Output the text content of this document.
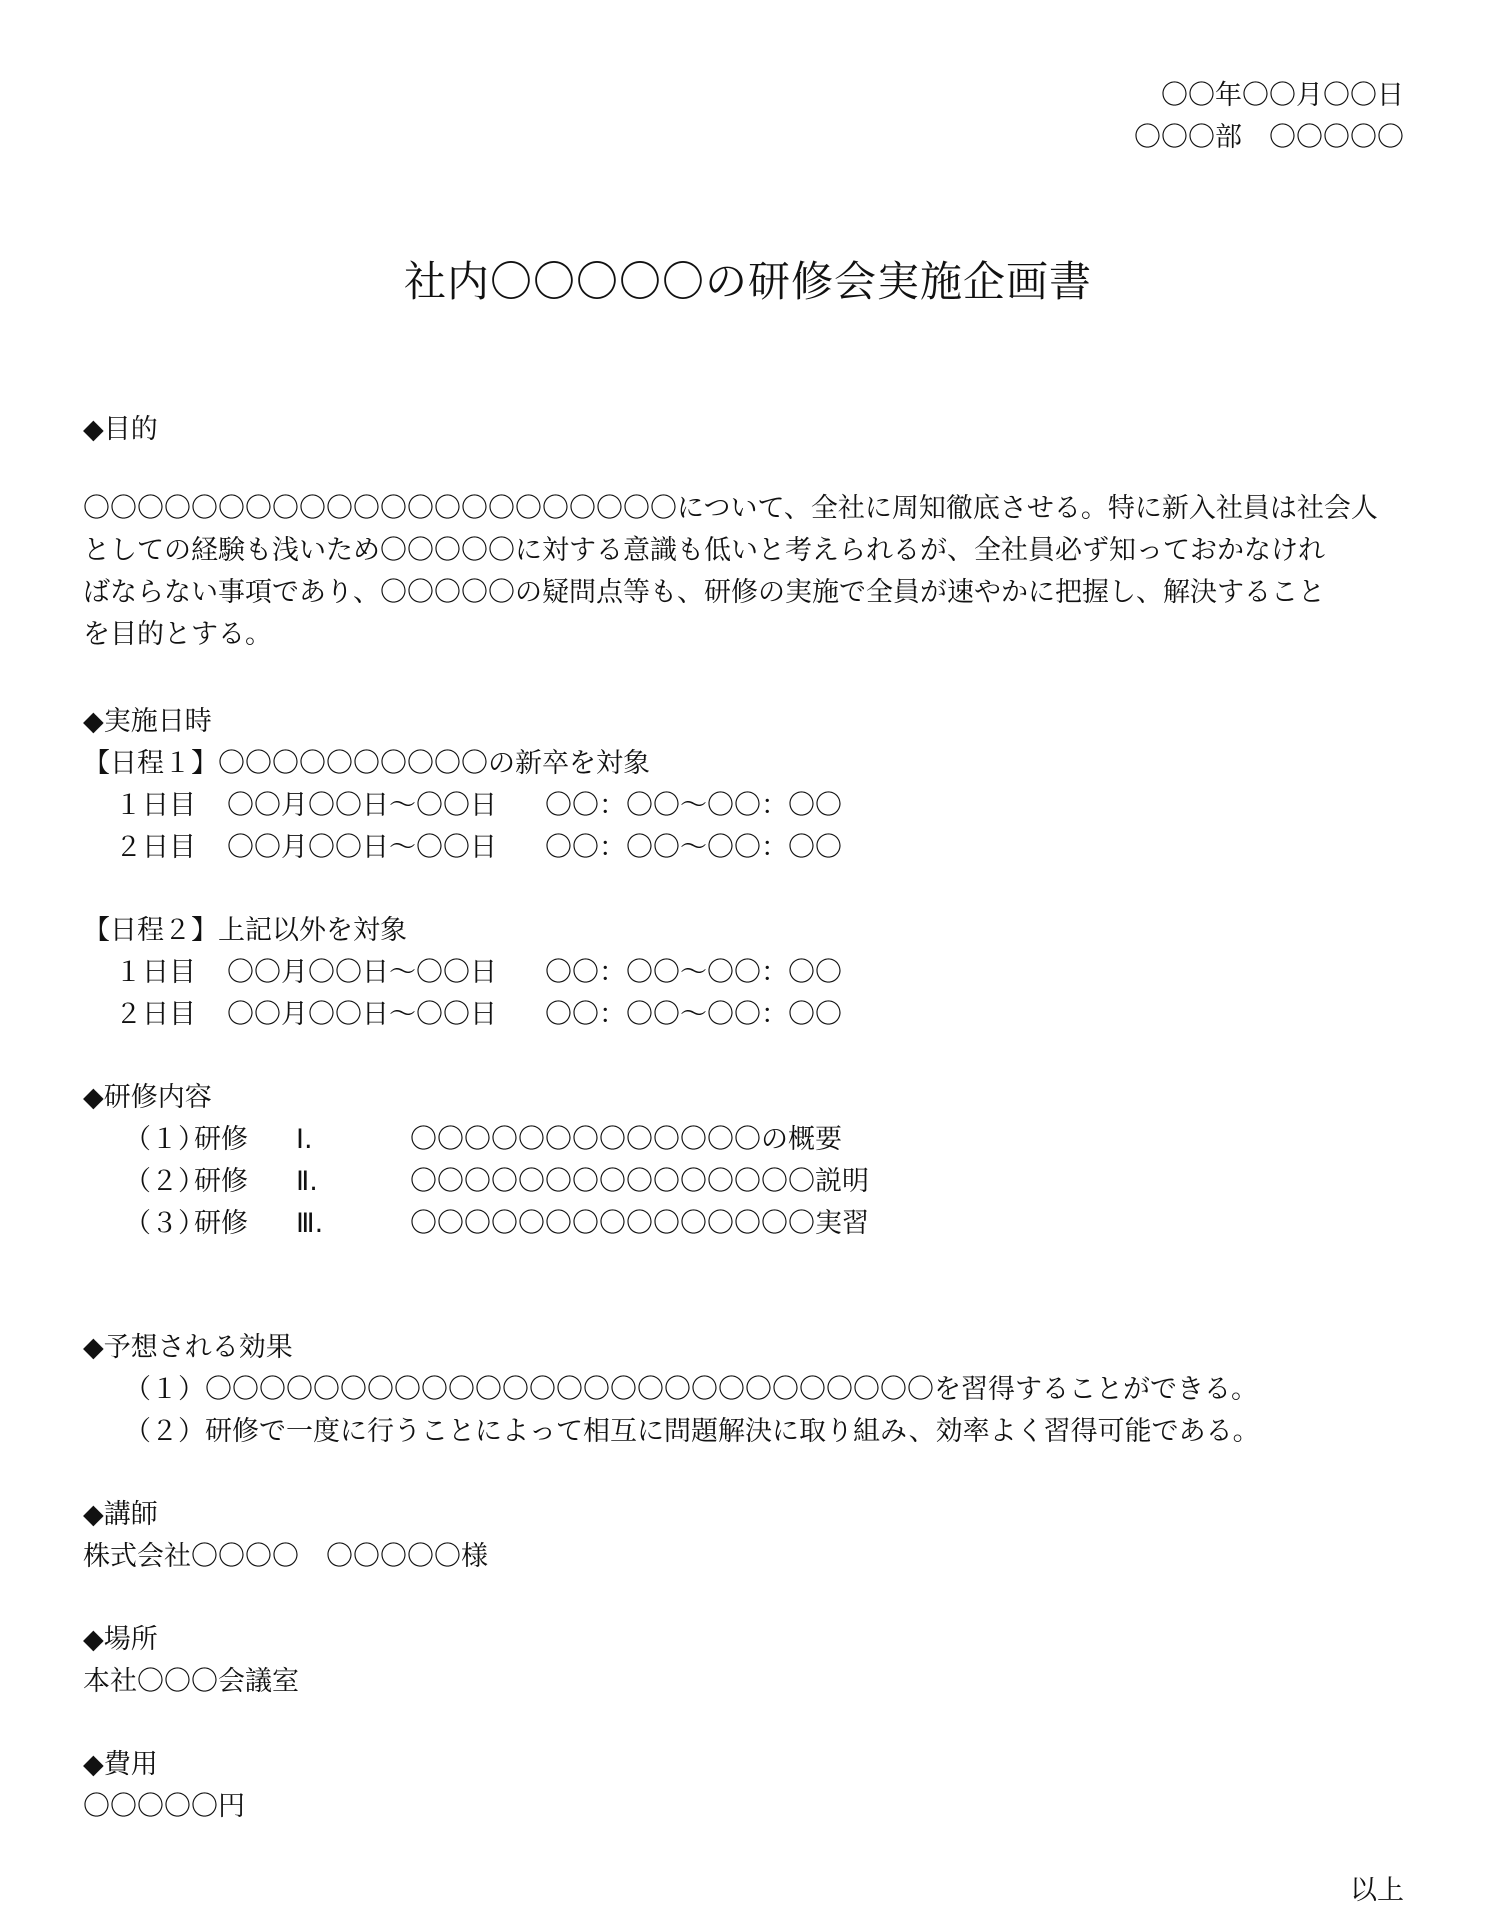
〇〇年〇〇月〇〇日
〇〇〇部　〇〇〇〇〇
社内〇〇〇〇〇の研修会実施企画書
◆目的
〇〇〇〇〇〇〇〇〇〇〇〇〇〇〇〇〇〇〇〇〇〇について、全社に周知徹底させる。特に新入社員は社会人
としての経験も浅いため〇〇〇〇〇に対する意識も低いと考えられるが、全社員必ず知っておかなけれ
ばならない事項であり、〇〇〇〇〇の疑問点等も、研修の実施で全員が速やかに把握し、解決すること
を目的とする。
◆実施日時
【日程１】〇〇〇〇〇〇〇〇〇〇の新卒を対象
１日目 〇〇月〇〇日～〇〇日 〇〇：〇〇～〇〇：〇〇
２日目 〇〇月〇〇日～〇〇日 〇〇：〇〇～〇〇：〇〇
【日程２】上記以外を対象
１日目 〇〇月〇〇日～〇〇日 〇〇：〇〇～〇〇：〇〇
２日目 〇〇月〇〇日～〇〇日 〇〇：〇〇～〇〇：〇〇
◆研修内容
（１）研修 Ⅰ.	〇〇〇〇〇〇〇〇〇〇〇〇〇の概要
（２）研修 Ⅱ.	〇〇〇〇〇〇〇〇〇〇〇〇〇〇〇説明
（３）研修 Ⅲ.	〇〇〇〇〇〇〇〇〇〇〇〇〇〇〇実習
◆予想される効果
（１）〇〇〇〇〇〇〇〇〇〇〇〇〇〇〇〇〇〇〇〇〇〇〇〇〇〇〇を習得することができる。
（２）研修で一度に行うことによって相互に問題解決に取り組み、効率よく習得可能である。
◆講師
株式会社〇〇〇〇　〇〇〇〇〇様
◆場所
本社〇〇〇会議室
◆費用
〇〇〇〇〇円
以上
